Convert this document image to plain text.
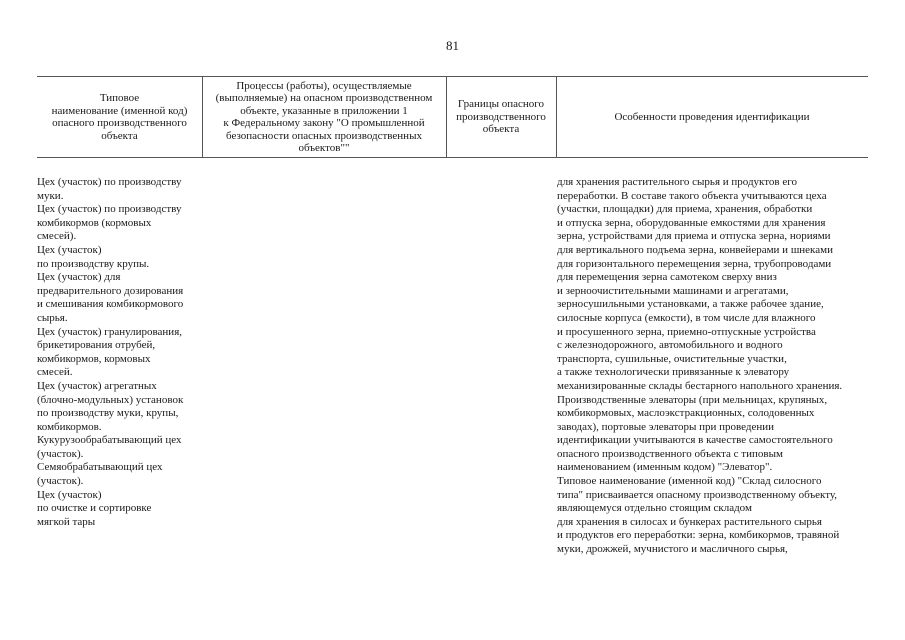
81
Типовое
наименование (именной код)
опасного производственного
объекта
Процессы (работы), осуществляемые
(выполняемые) на опасном производственном
объекте, указанные в приложении 1
к Федеральному закону "О промышленной
безопасности опасных производственных
объектов""
Границы опасного
производственного
объекта
Особенности проведения идентификации
Цех (участок) по производству
муки.
Цех (участок) по производству
комбикормов (кормовых
смесей).
Цех (участок)
по производству крупы.
Цех (участок) для
предварительного дозирования
и смешивания комбикормового
сырья.
Цех (участок) гранулирования,
брикетирования отрубей,
комбикормов, кормовых
смесей.
Цех (участок) агрегатных
(блочно-модульных) установок
по производству муки, крупы,
комбикормов.
Кукурузообрабатывающий цех
(участок).
Семяобрабатывающий цех
(участок).
Цех (участок)
по очистке и сортировке
мягкой тары
для хранения растительного сырья и продуктов его
переработки. В составе такого объекта учитываются цеха
(участки, площадки) для приема, хранения, обработки
и отпуска зерна, оборудованные емкостями для хранения
зерна, устройствами для приема и отпуска зерна, нориями
для вертикального подъема зерна, конвейерами и шнеками
для горизонтального перемещения зерна, трубопроводами
для перемещения зерна самотеком сверху вниз
и зерноочистительными машинами и агрегатами,
зерносушильными установками, а также рабочее здание,
силосные корпуса (емкости), в том числе для влажного
и просушенного зерна, приемно-отпускные устройства
с железнодорожного, автомобильного и водного
транспорта, сушильные, очистительные участки,
а также технологически привязанные к элеватору
механизированные склады бестарного напольного хранения.
Производственные элеваторы (при мельницах, крупяных,
комбикормовых, маслоэкстракционных, солодовенных
заводах), портовые элеваторы при проведении
идентификации учитываются в качестве самостоятельного
опасного производственного объекта с типовым
наименованием (именным кодом) "Элеватор".
Типовое наименование (именной код) "Склад силосного
типа" присваивается опасному производственному объекту,
являющемуся отдельно стоящим складом
для хранения в силосах и бункерах растительного сырья
и продуктов его переработки: зерна, комбикормов, травяной
муки, дрожжей, мучнистого и масличного сырья,
